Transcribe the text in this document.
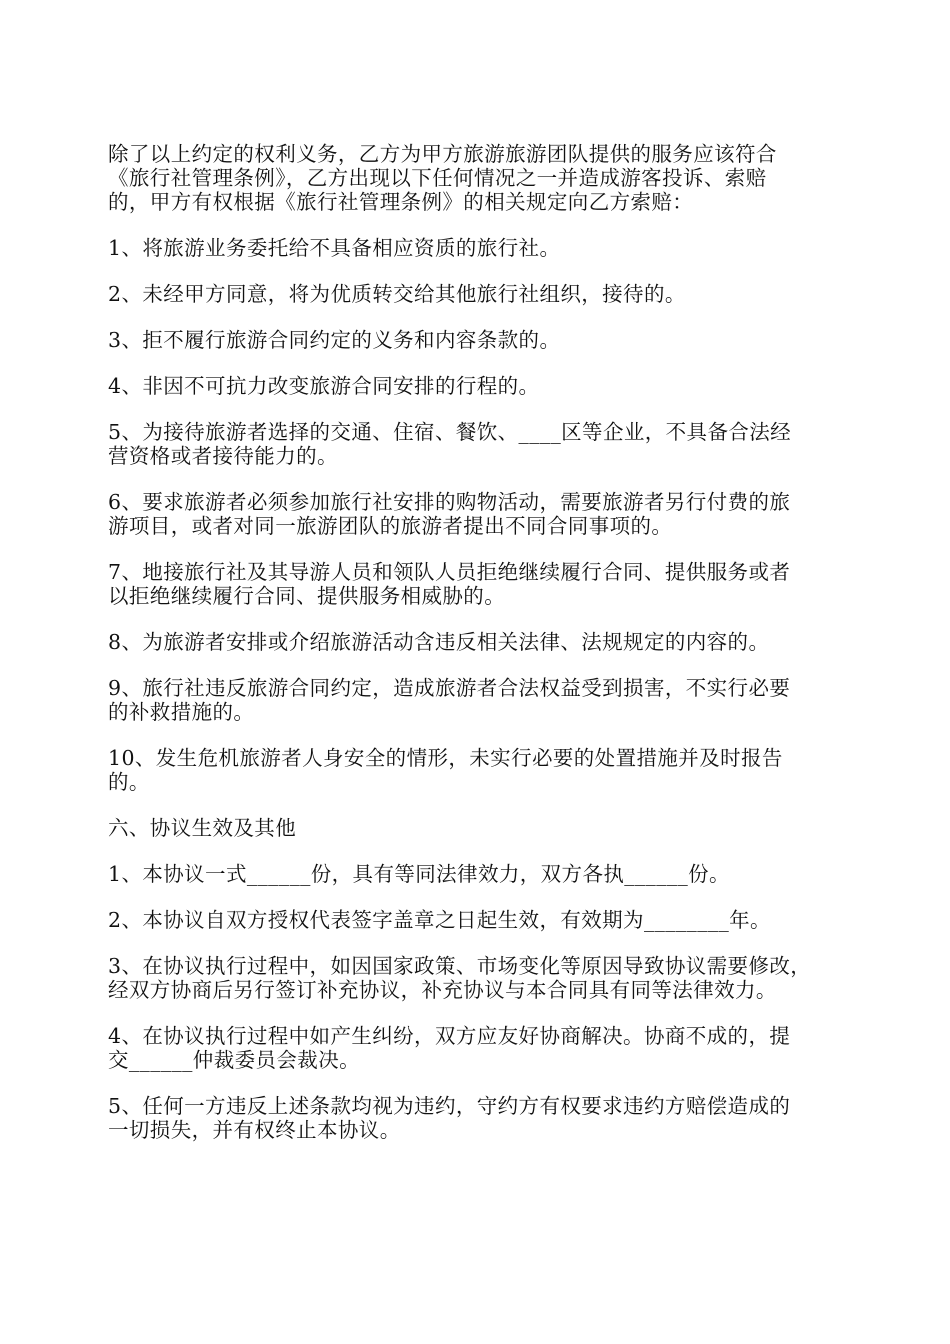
除了以上约定的权利义务，乙方为甲方旅游旅游团队提供的服务应该符合
《旅行社管理条例》，乙方出现以下任何情况之一并造成游客投诉、索赔
的，甲方有权根据《旅行社管理条例》的相关规定向乙方索赔：

1、将旅游业务委托给不具备相应资质的旅行社。

2、未经甲方同意，将为优质转交给其他旅行社组织，接待的。

3、拒不履行旅游合同约定的义务和内容条款的。

4、非因不可抗力改变旅游合同安排的行程的。

5、为接待旅游者选择的交通、住宿、餐饮、____区等企业，不具备合法经
营资格或者接待能力的。

6、要求旅游者必须参加旅行社安排的购物活动，需要旅游者另行付费的旅
游项目，或者对同一旅游团队的旅游者提出不同合同事项的。

7、地接旅行社及其导游人员和领队人员拒绝继续履行合同、提供服务或者
以拒绝继续履行合同、提供服务相威胁的。

8、为旅游者安排或介绍旅游活动含违反相关法律、法规规定的内容的。

9、旅行社违反旅游合同约定，造成旅游者合法权益受到损害，不实行必要
的补救措施的。

10、发生危机旅游者人身安全的情形，未实行必要的处置措施并及时报告
的。

六、协议生效及其他

1、本协议一式______份，具有等同法律效力，双方各执______份。

2、本协议自双方授权代表签字盖章之日起生效，有效期为________年。

3、在协议执行过程中，如因国家政策、市场变化等原因导致协议需要修改，
经双方协商后另行签订补充协议，补充协议与本合同具有同等法律效力。

4、在协议执行过程中如产生纠纷，双方应友好协商解决。协商不成的，提
交______仲裁委员会裁决。

5、任何一方违反上述条款均视为违约，守约方有权要求违约方赔偿造成的
一切损失，并有权终止本协议。
